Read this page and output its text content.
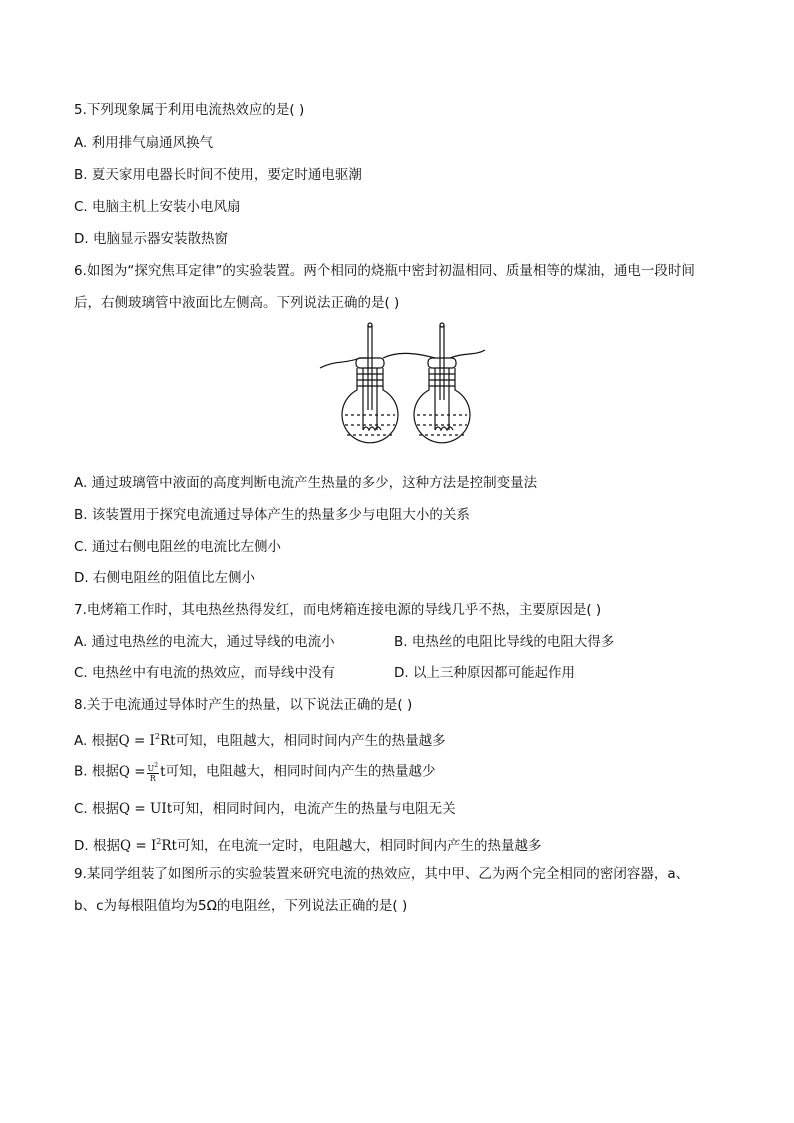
5.下列现象属于利用电流热效应的是( )
A. 利用排气扇通风换气
B. 夏天家用电器长时间不使用，要定时通电驱潮
C. 电脑主机上安装小电风扇
D. 电脑显示器安装散热窗
6.如图为“探究焦耳定律”的实验装置。两个相同的烧瓶中密封初温相同、质量相等的煤油，通电一段时间
后，右侧玻璃管中液面比左侧高。下列说法正确的是( )
A. 通过玻璃管中液面的高度判断电流产生热量的多少，这种方法是控制变量法
B. 该装置用于探究电流通过导体产生的热量多少与电阻大小的关系
C. 通过右侧电阻丝的电流比左侧小
D. 右侧电阻丝的阻值比左侧小
7.电烤箱工作时，其电热丝热得发红，而电烤箱连接电源的导线几乎不热，主要原因是( )
A. 通过电热丝的电流大，通过导线的电流小	B. 电热丝的电阻比导线的电阻大得多
C. 电热丝中有电流的热效应，而导线中没有	D. 以上三种原因都可能起作用
8.关于电流通过导体时产生的热量，以下说法正确的是( )
A. 根据$Q = I^2Rt$可知，电阻越大，相同时间内产生的热量越多
B. 根据$Q = \frac{U^2}{R}$ t可知，电阻越大，相同时间内产生的热量越少
C. 根据Q = UIt可知，相同时间内，电流产生的热量与电阻无关
D. 根据$Q = I^2Rt$可知，在电流一定时，电阻越大，相同时间内产生的热量越多
9.某同学组装了如图所示的实验装置来研究电流的热效应，其中甲、乙为两个完全相同的密闭容器，a、
b、c为每根阻值均为5Ω的电阻丝，下列说法正确的是( )
